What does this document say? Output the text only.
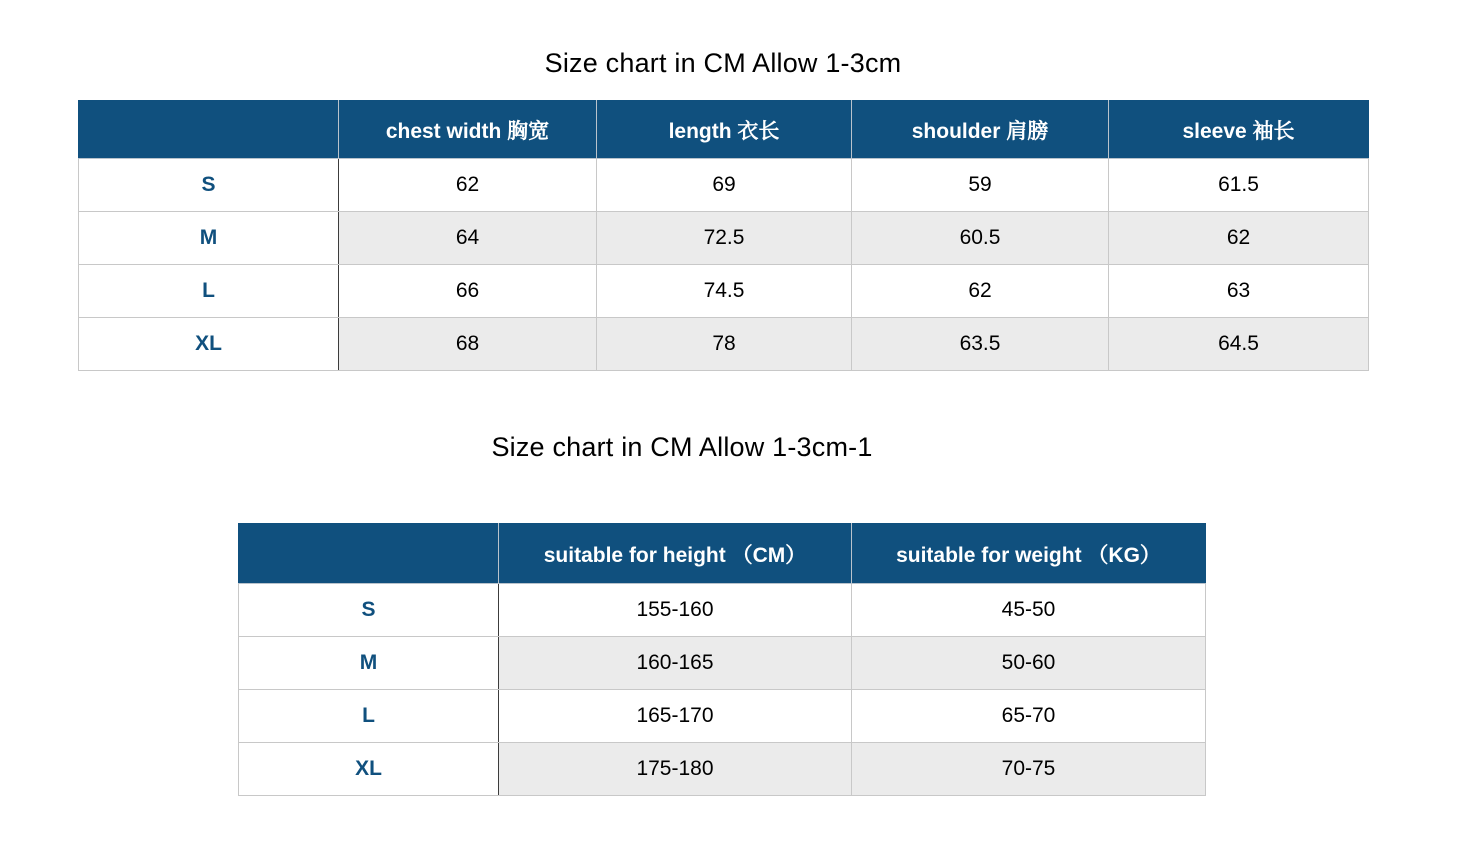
Size chart in CM Allow 1-3cm
	chest width 胸宽	length 衣长	shoulder 肩膀	sleeve 袖长
S	62	69	59	61.5
M	64	72.5	60.5	62
L	66	74.5	62	63
XL	68	78	63.5	64.5
Size chart in CM Allow 1-3cm-1
	suitable for height （CM）	suitable for weight （KG）
S	155-160	45-50
M	160-165	50-60
L	165-170	65-70
XL	175-180	70-75
